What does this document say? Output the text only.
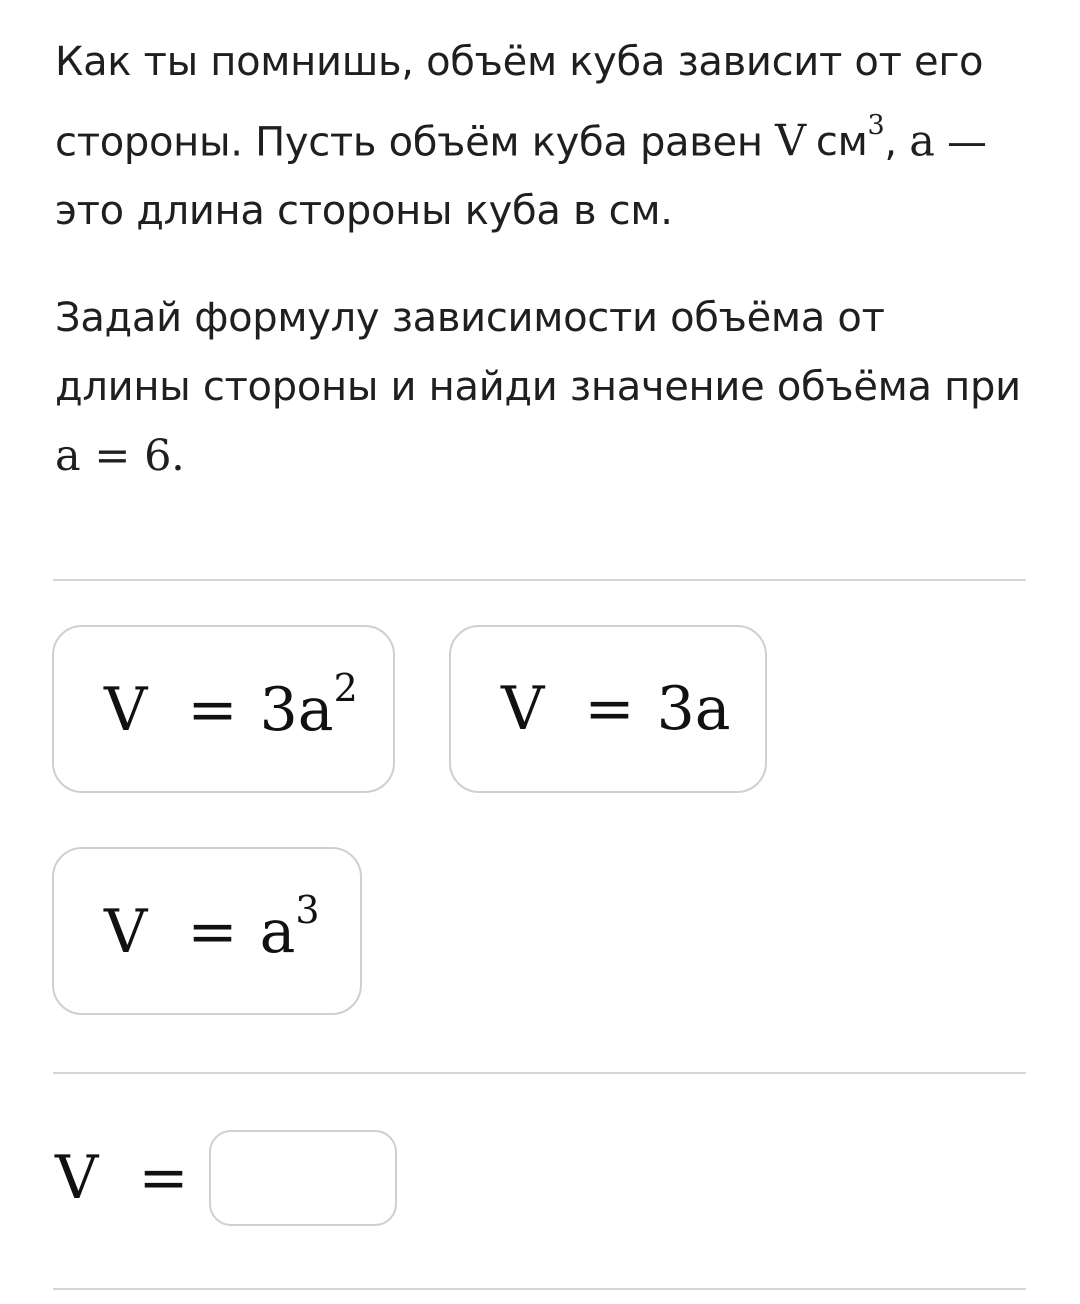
Как ты помнишь, объём куба зависит от его
стороны. Пусть объём куба равен V $см^3$, a —
это длина стороны куба в см.
Задай формулу зависимости объёма от
длины стороны и найди значение объёма при
a = 6.
$V = 3a^2$ V = 3a
$V = a^3$
V =
